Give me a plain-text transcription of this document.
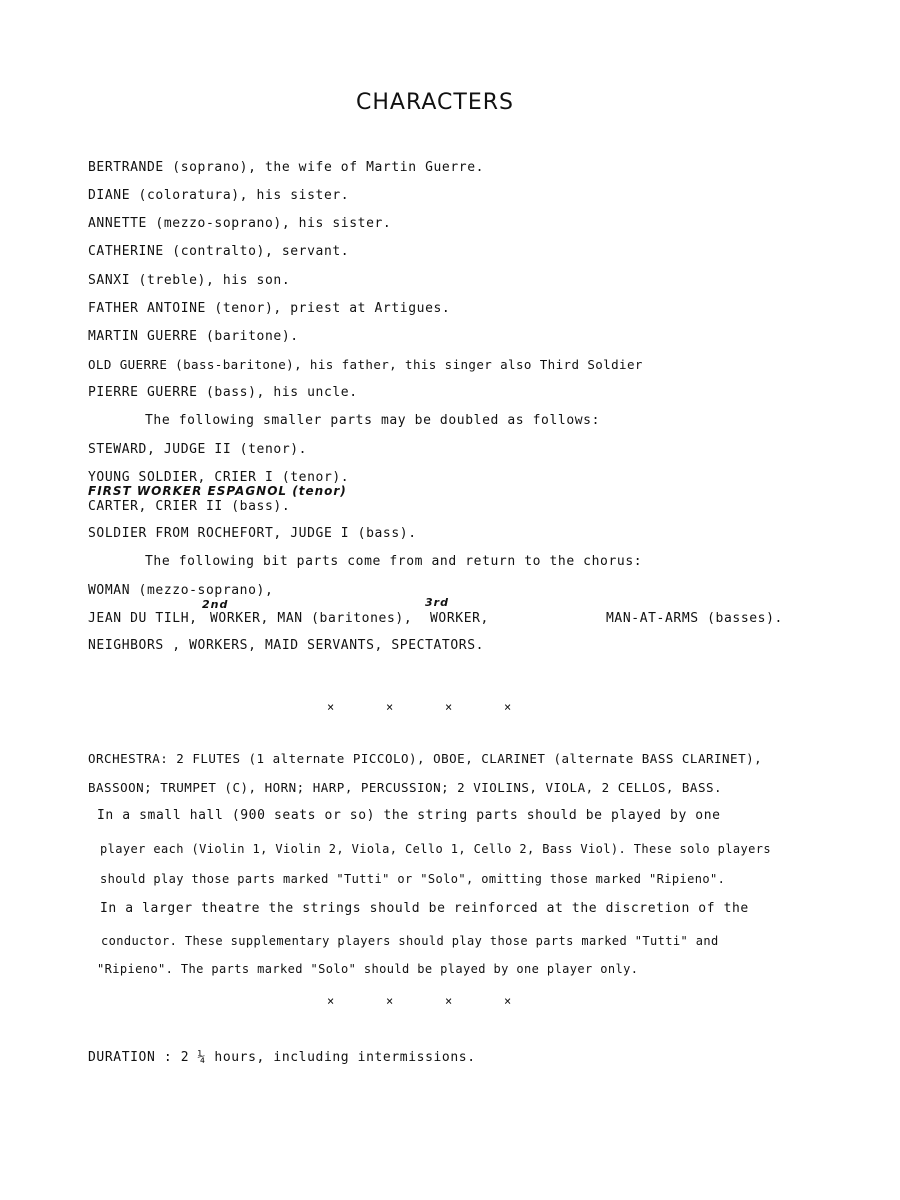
CHARACTERS
BERTRANDE (soprano), the wife of Martin Guerre.
DIANE (coloratura), his sister.
ANNETTE (mezzo-soprano), his sister.
CATHERINE (contralto), servant.
SANXI (treble), his son.
FATHER ANTOINE (tenor), priest at Artigues.
MARTIN GUERRE (baritone).
OLD GUERRE (bass-baritone), his father, this singer also Third Soldier
PIERRE GUERRE (bass), his uncle.
The following smaller parts may be doubled as follows:
STEWARD, JUDGE II (tenor).
YOUNG SOLDIER, CRIER I (tenor).
FIRST WORKER ESPAGNOL (tenor)
CARTER, CRIER II (bass).
SOLDIER FROM ROCHEFORT, JUDGE I (bass).
The following bit parts come from and return to the chorus:
WOMAN (mezzo-soprano),
JEAN DU TILH,
2nd
WORKER, MAN (baritones),
3rd
WORKER,	MAN-AT-ARMS (basses).
NEIGHBORS , WORKERS, MAID SERVANTS, SPECTATORS.
×	×	×	×
ORCHESTRA: 2 FLUTES (1 alternate PICCOLO), OBOE, CLARINET (alternate BASS CLARINET),
BASSOON; TRUMPET (C), HORN; HARP, PERCUSSION; 2 VIOLINS, VIOLA, 2 CELLOS, BASS.
In a small hall (900 seats or so) the string parts should be played by one
player each (Violin 1, Violin 2, Viola, Cello 1, Cello 2, Bass Viol). These solo players
should play those parts marked "Tutti" or "Solo", omitting those marked "Ripieno".
In a larger theatre the strings should be reinforced at the discretion of the
conductor. These supplementary players should play those parts marked "Tutti" and
"Ripieno". The parts marked "Solo" should be played by one player only.
×	×	×	×
DURATION : 2 ¼ hours, including intermissions.
